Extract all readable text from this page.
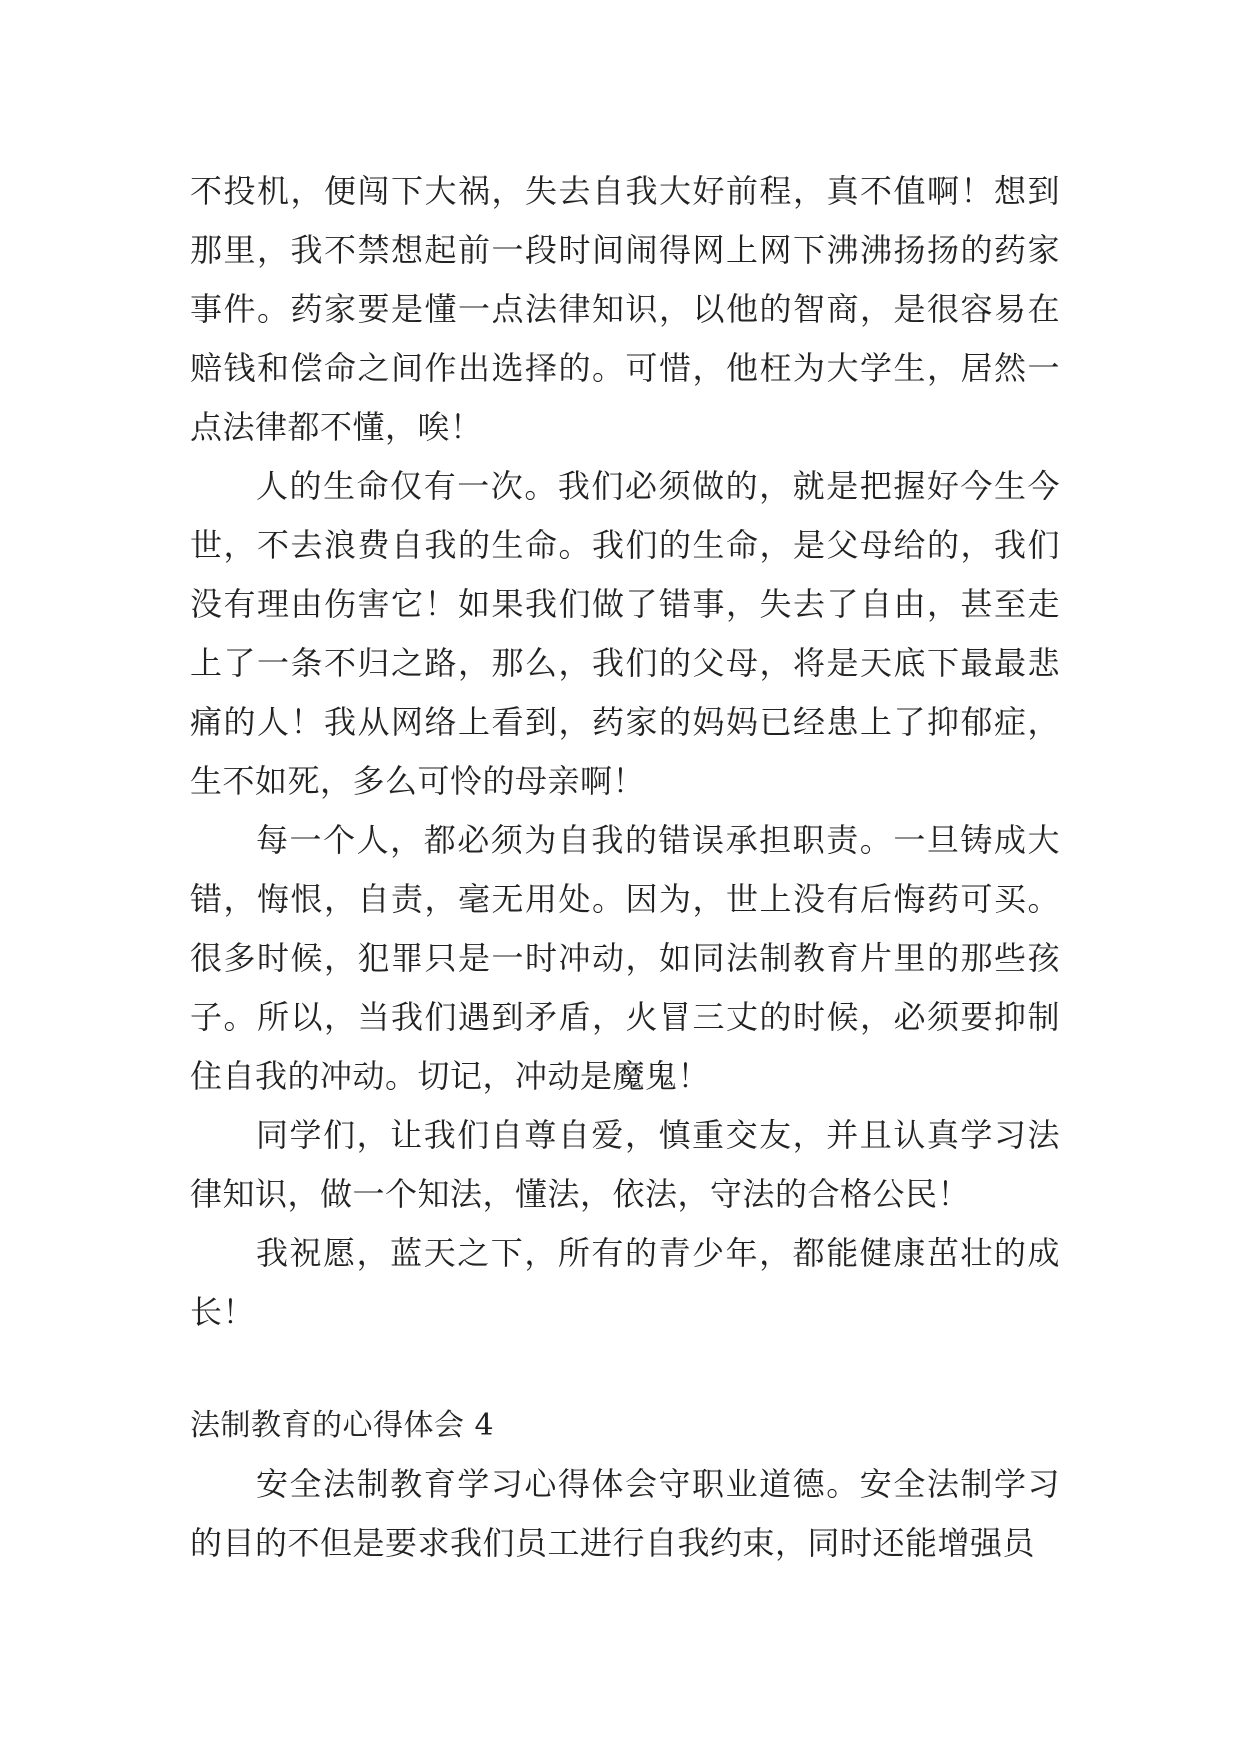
不投机，便闯下大祸，失去自我大好前程，真不值啊！想到那里，我不禁想起前一段时间闹得网上网下沸沸扬扬的药家事件。药家要是懂一点法律知识，以他的智商，是很容易在赔钱和偿命之间作出选择的。可惜，他枉为大学生，居然一点法律都不懂，唉！

人的生命仅有一次。我们必须做的，就是把握好今生今世，不去浪费自我的生命。我们的生命，是父母给的，我们没有理由伤害它！如果我们做了错事，失去了自由，甚至走上了一条不归之路，那么，我们的父母，将是天底下最最悲痛的人！我从网络上看到，药家的妈妈已经患上了抑郁症，生不如死，多么可怜的母亲啊！

每一个人，都必须为自我的错误承担职责。一旦铸成大错，悔恨，自责，毫无用处。因为，世上没有后悔药可买。很多时候，犯罪只是一时冲动，如同法制教育片里的那些孩子。所以，当我们遇到矛盾，火冒三丈的时候，必须要抑制住自我的冲动。切记，冲动是魔鬼！

同学们，让我们自尊自爱，慎重交友，并且认真学习法律知识，做一个知法，懂法，依法，守法的合格公民！

我祝愿，蓝天之下，所有的青少年，都能健康茁壮的成长！

法制教育的心得体会 4

安全法制教育学习心得体会守职业道德。安全法制学习的目的不但是要求我们员工进行自我约束，同时还能增强员
